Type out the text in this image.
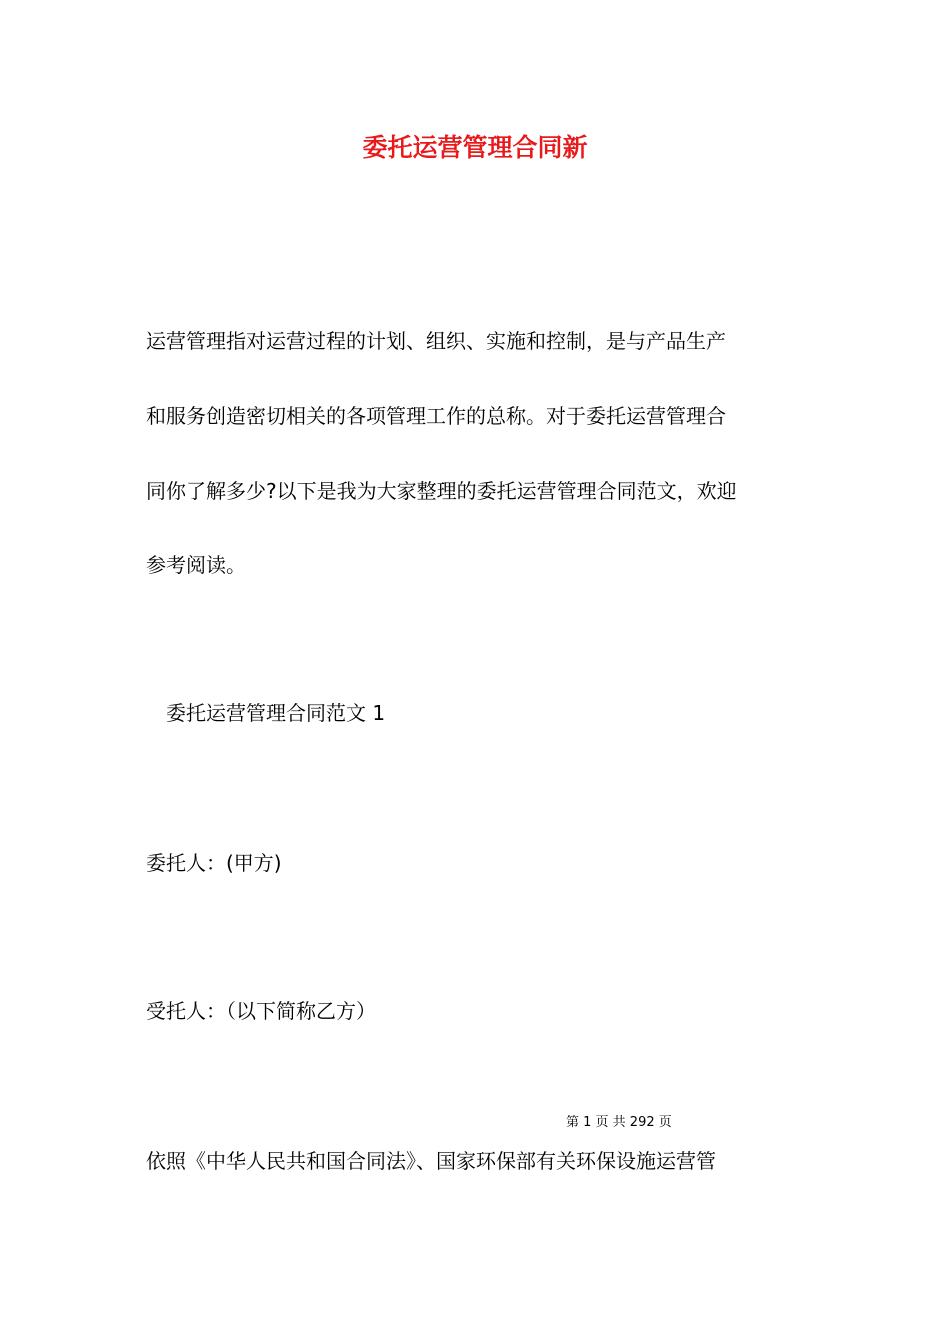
委托运营管理合同新

运营管理指对运营过程的计划、组织、实施和控制，是与产品生产

和服务创造密切相关的各项管理工作的总称。对于委托运营管理合

同你了解多少?以下是我为大家整理的委托运营管理合同范文，欢迎

参考阅读。

委托运营管理合同范文 1

委托人：(甲方)

受托人：（以下简称乙方）

第 1 页 共 292 页

依照《中华人民共和国合同法》、国家环保部有关环保设施运营管
